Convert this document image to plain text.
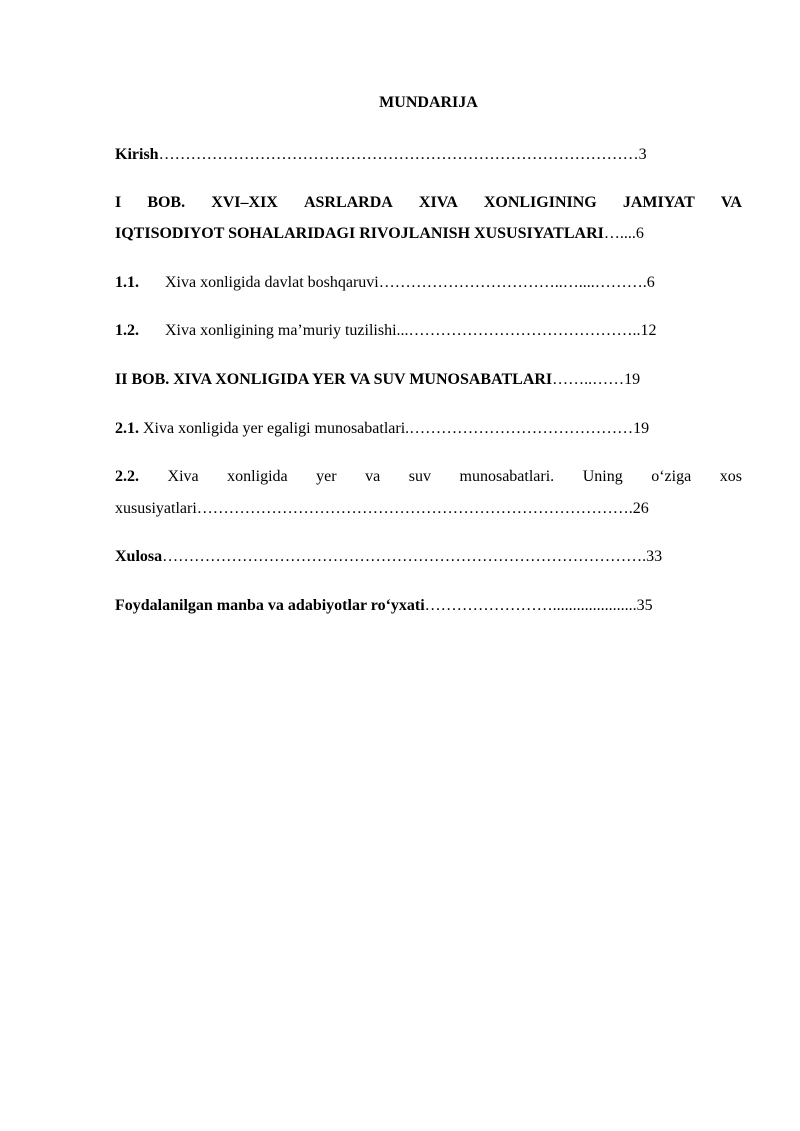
MUNDARIJA
Kirish………………………………………………………………………………3
I BOB. XVI–XIX ASRLARDA XIVA XONLIGINING JAMIYAT VA
IQTISODIYOT SOHALARIDAGI RIVOJLANISH XUSUSIYATLARI…....6
1.1. Xiva xonligida davlat boshqaruvi……………………………..…....……….6
1.2. Xiva xonligining ma’muriy tuzilishi...……………………………………..12
II BOB. XIVA XONLIGIDA YER VA SUV MUNOSABATLARI……..……19
2.1. Xiva xonligida yer egaligi munosabatlari.……………………………………19
2.2. Xiva xonligida yer va suv munosabatlari. Uning o‘ziga xos
xususiyatlari……………………………………………………………………….26
Xulosa……………………………………………………………………………….33
Foydalanilgan manba va adabiyotlar ro‘yxati…………………….....................35
